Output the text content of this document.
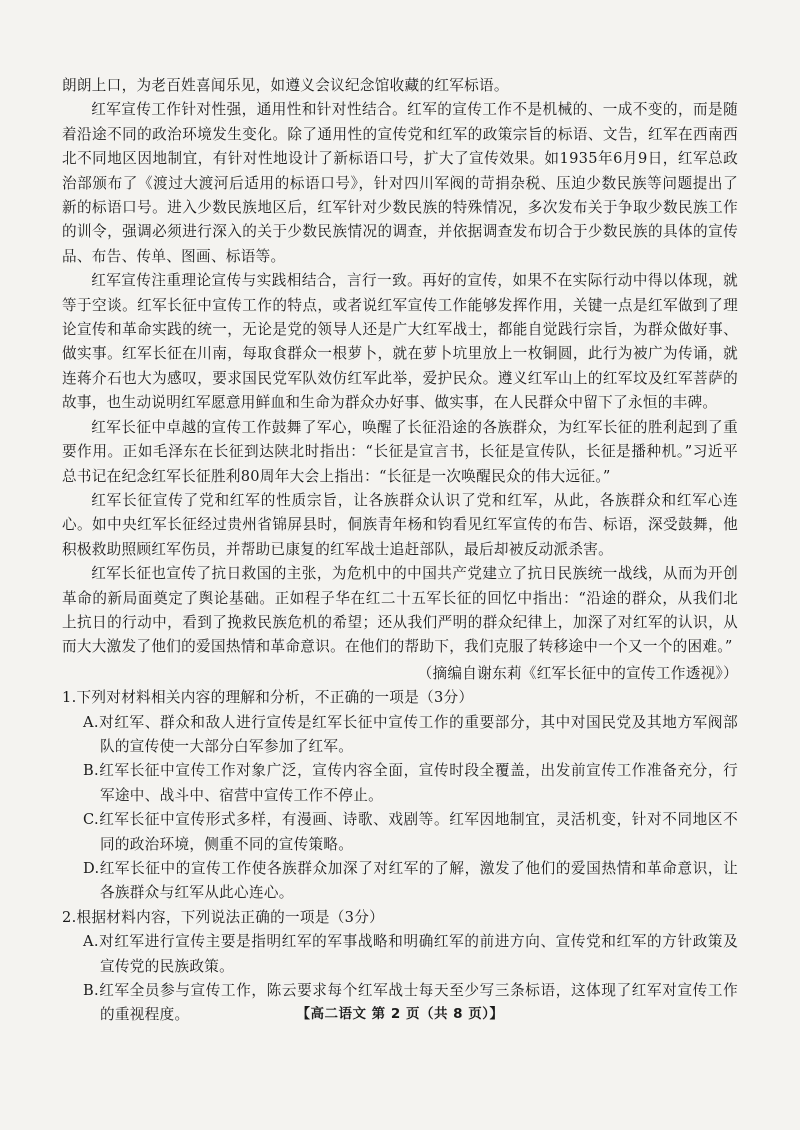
朗朗上口，为老百姓喜闻乐见，如遵义会议纪念馆收藏的红军标语。

红军宣传工作针对性强，通用性和针对性结合。红军的宣传工作不是机械的、一成不变的，而是随着沿途不同的政治环境发生变化。除了通用性的宣传党和红军的政策宗旨的标语、文告，红军在西南西北不同地区因地制宜，有针对性地设计了新标语口号，扩大了宣传效果。如1935年6月9日，红军总政治部颁布了《渡过大渡河后适用的标语口号》，针对四川军阀的苛捐杂税、压迫少数民族等问题提出了新的标语口号。进入少数民族地区后，红军针对少数民族的特殊情况，多次发布关于争取少数民族工作的训令，强调必须进行深入的关于少数民族情况的调查，并依据调查发布切合于少数民族的具体的宣传品、布告、传单、图画、标语等。

红军宣传注重理论宣传与实践相结合，言行一致。再好的宣传，如果不在实际行动中得以体现，就等于空谈。红军长征中宣传工作的特点，或者说红军宣传工作能够发挥作用，关键一点是红军做到了理论宣传和革命实践的统一，无论是党的领导人还是广大红军战士，都能自觉践行宗旨，为群众做好事、做实事。红军长征在川南，每取食群众一根萝卜，就在萝卜坑里放上一枚铜圆，此行为被广为传诵，就连蒋介石也大为感叹，要求国民党军队效仿红军此举，爱护民众。遵义红军山上的红军坟及红军菩萨的故事，也生动说明红军愿意用鲜血和生命为群众办好事、做实事，在人民群众中留下了永恒的丰碑。

红军长征中卓越的宣传工作鼓舞了军心，唤醒了长征沿途的各族群众，为红军长征的胜利起到了重要作用。正如毛泽东在长征到达陕北时指出：“长征是宣言书，长征是宣传队，长征是播种机。”习近平总书记在纪念红军长征胜利80周年大会上指出：“长征是一次唤醒民众的伟大远征。”

红军长征宣传了党和红军的性质宗旨，让各族群众认识了党和红军，从此，各族群众和红军心连心。如中央红军长征经过贵州省锦屏县时，侗族青年杨和钧看见红军宣传的布告、标语，深受鼓舞，他积极救助照顾红军伤员，并帮助已康复的红军战士追赶部队，最后却被反动派杀害。

红军长征也宣传了抗日救国的主张，为危机中的中国共产党建立了抗日民族统一战线，从而为开创革命的新局面奠定了舆论基础。正如程子华在红二十五军长征的回忆中指出：“沿途的群众，从我们北上抗日的行动中，看到了挽救民族危机的希望；还从我们严明的群众纪律上，加深了对红军的认识，从而大大激发了他们的爱国热情和革命意识。在他们的帮助下，我们克服了转移途中一个又一个的困难。”

（摘编自谢东莉《红军长征中的宣传工作透视》）

1.下列对材料相关内容的理解和分析，不正确的一项是（3分）

A.对红军、群众和敌人进行宣传是红军长征中宣传工作的重要部分，其中对国民党及其地方军阀部队的宣传使一大部分白军参加了红军。

B.红军长征中宣传工作对象广泛，宣传内容全面，宣传时段全覆盖，出发前宣传工作准备充分，行军途中、战斗中、宿营中宣传工作不停止。

C.红军长征中宣传形式多样，有漫画、诗歌、戏剧等。红军因地制宜，灵活机变，针对不同地区不同的政治环境，侧重不同的宣传策略。

D.红军长征中的宣传工作使各族群众加深了对红军的了解，激发了他们的爱国热情和革命意识，让各族群众与红军从此心连心。

2.根据材料内容，下列说法正确的一项是（3分）

A.对红军进行宣传主要是指明红军的军事战略和明确红军的前进方向、宣传党和红军的方针政策及宣传党的民族政策。

B.红军全员参与宣传工作，陈云要求每个红军战士每天至少写三条标语，这体现了红军对宣传工作的重视程度。	【高二语文 第 2 页（共 8 页）】
